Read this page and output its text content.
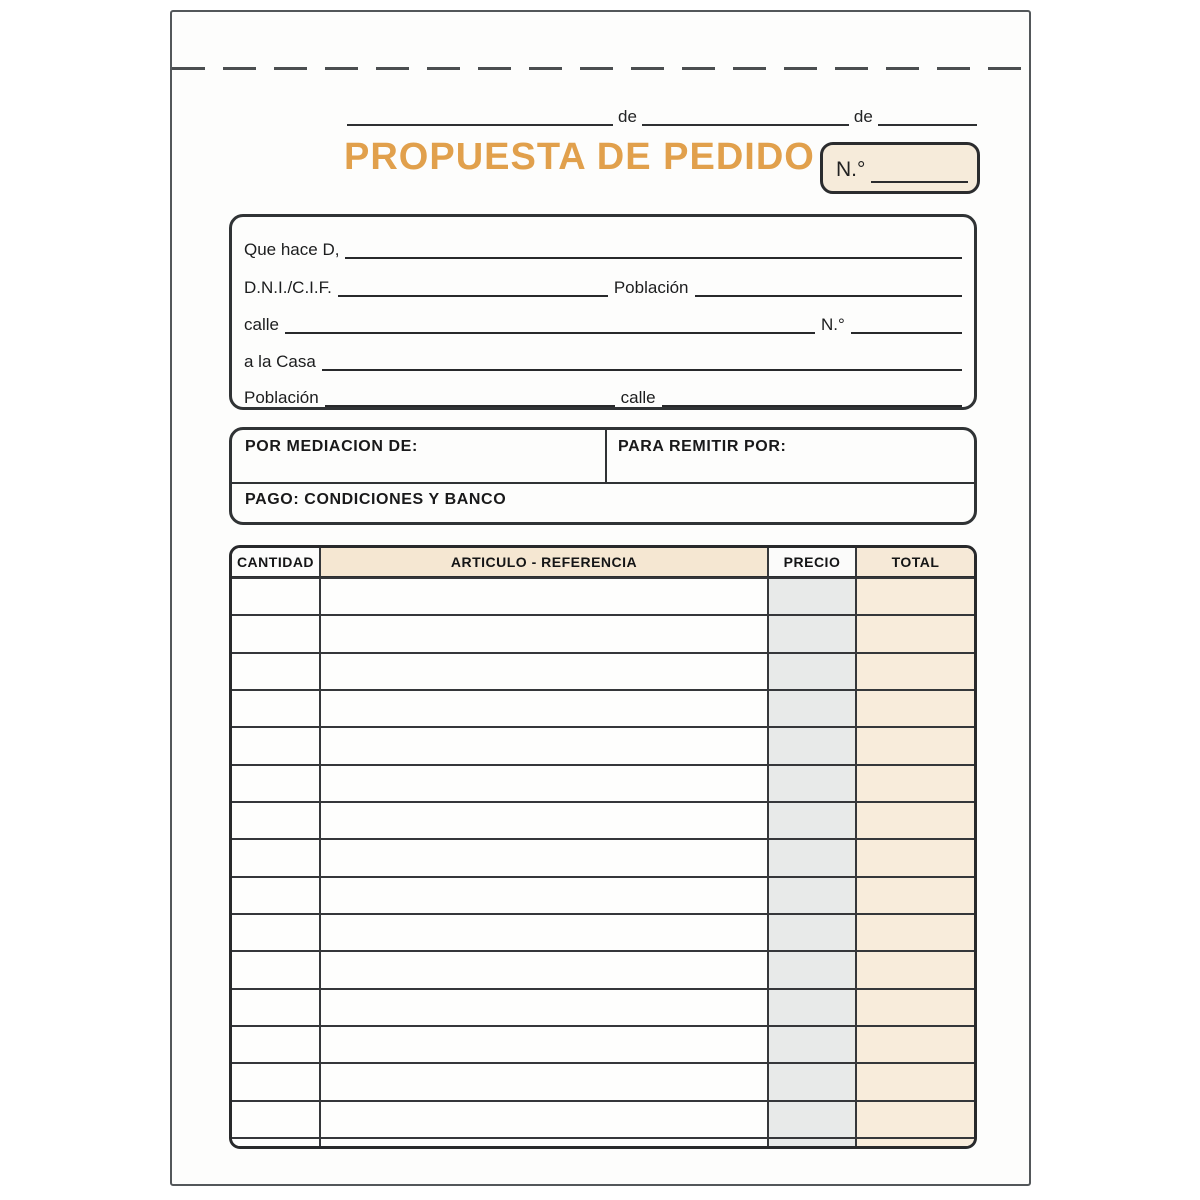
de	de
PROPUESTA DE PEDIDO N.°
Que hace D,
D.N.I./C.I.F.	Población
calle	N.°
a la Casa
Población	calle
POR MEDIACION DE:	PARA REMITIR POR:
PAGO: CONDICIONES Y BANCO
CANTIDAD	ARTICULO - REFERENCIA	PRECIO	TOTAL
